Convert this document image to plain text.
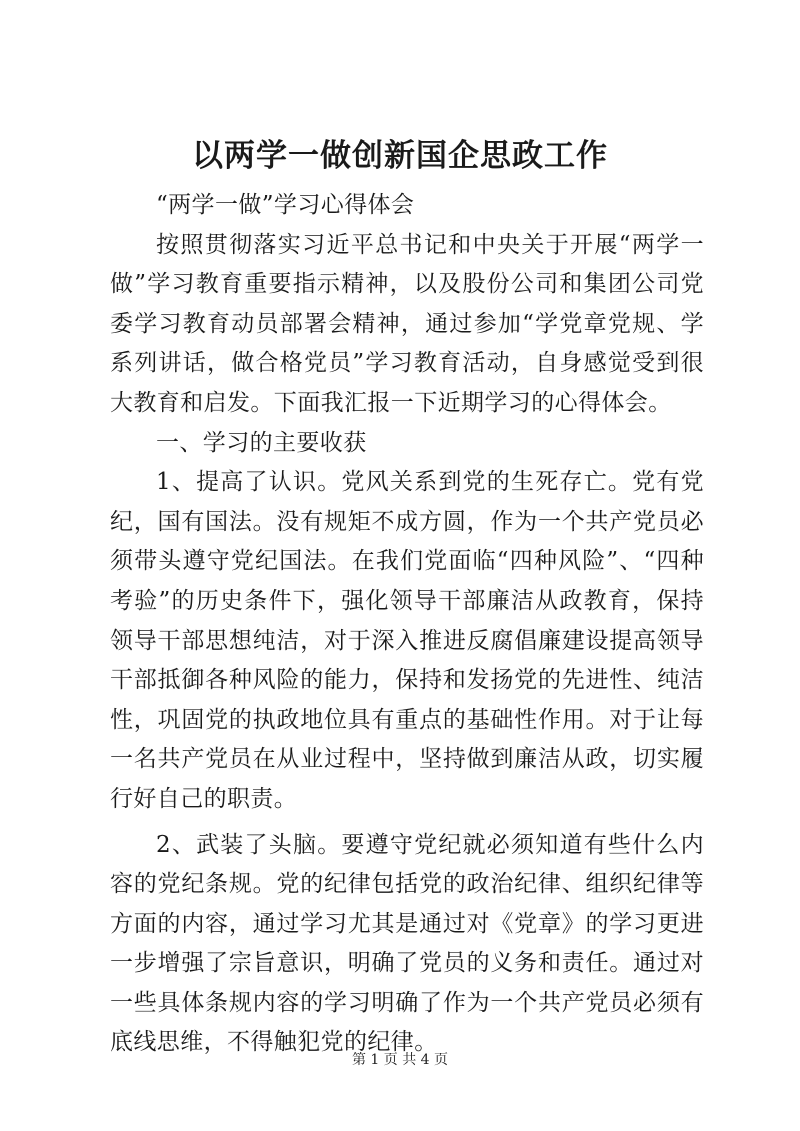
以两学一做创新国企思政工作

“两学一做”学习心得体会

按照贯彻落实习近平总书记和中央关于开展“两学一做”学习教育重要指示精神，以及股份公司和集团公司党委学习教育动员部署会精神，通过参加“学党章党规、学系列讲话，做合格党员”学习教育活动，自身感觉受到很大教育和启发。下面我汇报一下近期学习的心得体会。

一、学习的主要收获

1、提高了认识。党风关系到党的生死存亡。党有党纪，国有国法。没有规矩不成方圆，作为一个共产党员必须带头遵守党纪国法。在我们党面临“四种风险”、“四种考验”的历史条件下，强化领导干部廉洁从政教育，保持领导干部思想纯洁，对于深入推进反腐倡廉建设提高领导干部抵御各种风险的能力，保持和发扬党的先进性、纯洁性，巩固党的执政地位具有重点的基础性作用。对于让每一名共产党员在从业过程中，坚持做到廉洁从政，切实履行好自己的职责。

2、武装了头脑。要遵守党纪就必须知道有些什么内容的党纪条规。党的纪律包括党的政治纪律、组织纪律等方面的内容，通过学习尤其是通过对《党章》的学习更进一步增强了宗旨意识，明确了党员的义务和责任。通过对一些具体条规内容的学习明确了作为一个共产党员必须有底线思维，不得触犯党的纪律。

第 1 页 共 4 页
